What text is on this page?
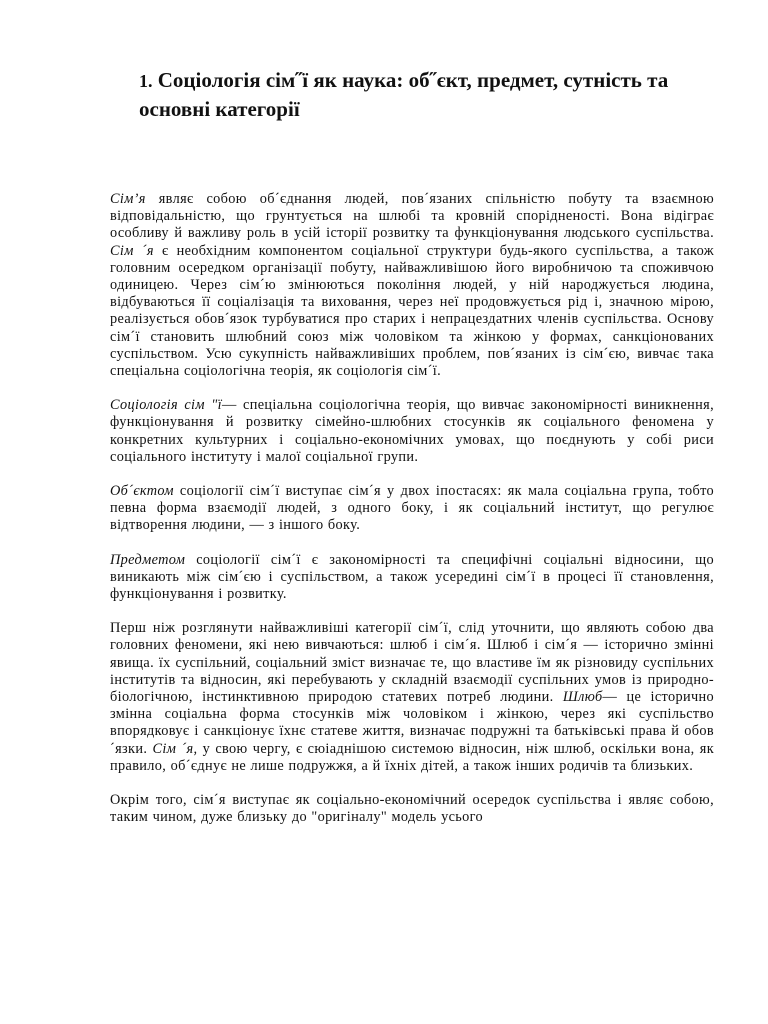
1. Соціологія сім˝ї як наука: об˝єкт, предмет, сутність та основні категорії

Сім’я являє собою об´єднання людей, пов´язаних спільністю побуту та взаємною відповідальністю, що грунтується на шлюбі та кровній спорідненості. Вона відіграє особливу й важливу роль в усій історії розвитку та функціонування людського суспільства. Сім ´я є необхідним компонентом соціальної структури будь-якого суспільства, а також головним осередком організації побуту, найважливішою його виробничою та споживчою одиницею. Через сім´ю змінюються покоління людей, у ній народжується людина, відбуваються її соціалізація та виховання, через неї продовжується рід і, значною мірою, реалізується обов´язок турбуватися про старих і непрацездатних членів суспільства. Основу сім´ї становить шлюбний союз між чоловіком та жінкою у формах, санкціонованих суспільством. Усю сукупність найважливіших проблем, пов´язаних із сім´єю, вивчає така спеціальна соціологічна теорія, як соціологія сім´ї.

Соціологія сім "ї— спеціальна соціологічна теорія, що вивчає закономірності виникнення, функціонування й розвитку сімейно-шлюбних стосунків як соціального феномена у конкретних культурних і соціально-економічних умовах, що поєднують у собі риси соціального інституту і малої соціальної групи.

Об´єктом соціології сім´ї виступає сім´я у двох іпостасях: як мала соціальна група, тобто певна форма взаємодії людей, з одного боку, і як соціальний інститут, що регулює відтворення людини, — з іншого боку.

Предметом соціології сім´ї є закономірності та специфічні соціальні відносини, що виникають між сім´єю і суспільством, а також усередині сім´ї в процесі її становлення, функціонування і розвитку.

Перш ніж розглянути найважливіші категорії сім´ї, слід уточнити, що являють собою два головних феномени, які нею вивчаються: шлюб і сім´я. Шлюб і сім´я — історично змінні явища. їх суспільний, соціальний зміст визначає те, що властиве їм як різновиду суспільних інститутів та відносин, які перебувають у складній взаємодії суспільних умов із природно-біологічною, інстинктивною природою статевих потреб людини. Шлюб— це історично змінна соціальна форма стосунків між чоловіком і жінкою, через які суспільство впорядковує і санкціонує їхнє статеве життя, визначає подружні та батьківські права й обов ´язки. Сім ´я, у свою чергу, є сюіаднішою системою відносин, ніж шлюб, оскільки вона, як правило, об´єднує не лише подружжя, а й їхніх дітей, а також інших родичів та близьких.

Окрім того, сім´я виступає як соціально-економічний осередок суспільства і являє собою, таким чином, дуже близьку до "оригіналу" модель усього
